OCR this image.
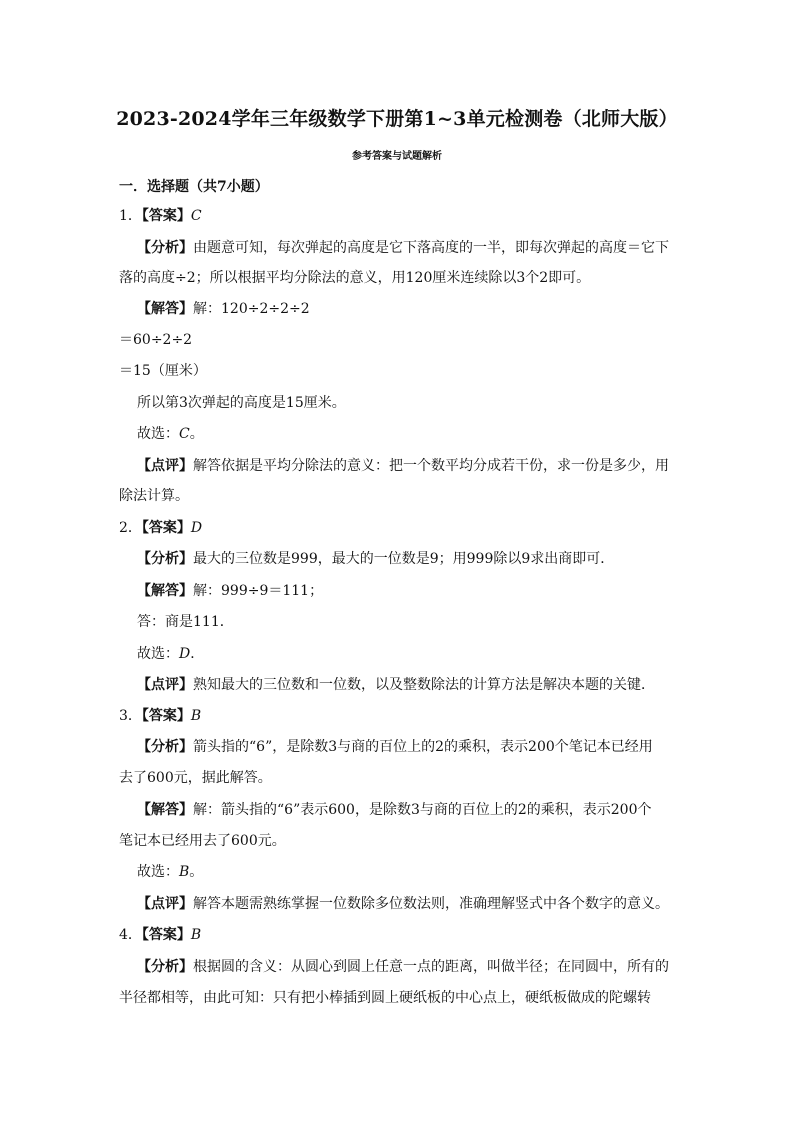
2023-2024学年三年级数学下册第1~3单元检测卷（北师大版）
参考答案与试题解析
一．选择题（共7小题）
1．【答案】C
【分析】由题意可知，每次弹起的高度是它下落高度的一半，即每次弹起的高度＝它下
落的高度÷2；所以根据平均分除法的意义，用120厘米连续除以3个2即可。
【解答】解：120÷2÷2÷2
＝60÷2÷2
＝15（厘米）
所以第3次弹起的高度是15厘米。
故选：C。
【点评】解答依据是平均分除法的意义：把一个数平均分成若干份，求一份是多少，用
除法计算。
2．【答案】D
【分析】最大的三位数是999，最大的一位数是9；用999除以9求出商即可．
【解答】解：999÷9＝111；
答：商是111．
故选：D．
【点评】熟知最大的三位数和一位数，以及整数除法的计算方法是解决本题的关键．
3．【答案】B
【分析】箭头指的“6”，是除数3与商的百位上的2的乘积，表示200个笔记本已经用
去了600元，据此解答。
【解答】解：箭头指的“6”表示600，是除数3与商的百位上的2的乘积，表示200个
笔记本已经用去了600元。
故选：B。
【点评】解答本题需熟练掌握一位数除多位数法则，准确理解竖式中各个数字的意义。
4．【答案】B
【分析】根据圆的含义：从圆心到圆上任意一点的距离，叫做半径；在同圆中，所有的
半径都相等，由此可知：只有把小棒插到圆上硬纸板的中心点上，硬纸板做成的陀螺转
